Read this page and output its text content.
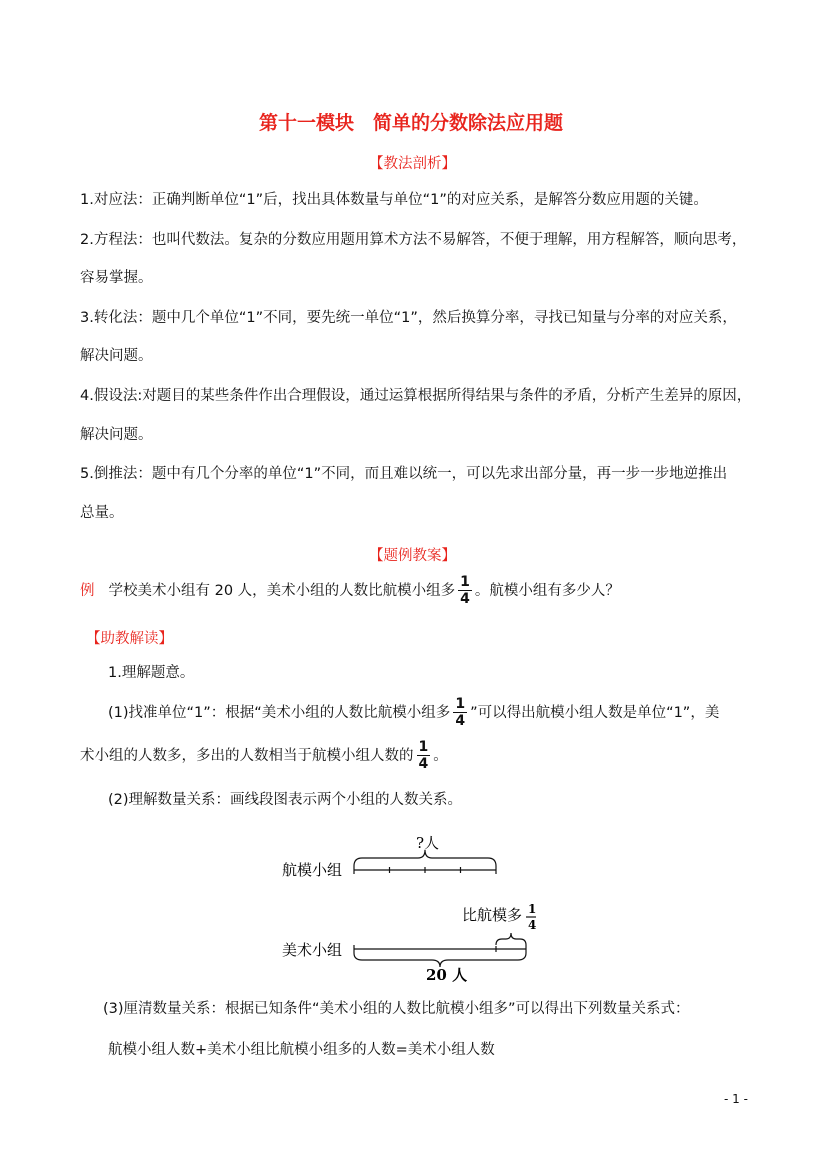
第十一模块　简单的分数除法应用题
【教法剖析】
1.对应法：正确判断单位“1”后，找出具体数量与单位“1”的对应关系，是解答分数应用题的关键。
2.方程法：也叫代数法。复杂的分数应用题用算术方法不易解答，不便于理解，用方程解答，顺向思考，
容易掌握。
3.转化法：题中几个单位“1”不同，要先统一单位“1”，然后换算分率，寻找已知量与分率的对应关系，
解决问题。
4.假设法:对题目的某些条件作出合理假设，通过运算根据所得结果与条件的矛盾，分析产生差异的原因，
解决问题。
5.倒推法：题中有几个分率的单位“1”不同，而且难以统一，可以先求出部分量，再一步一步地逆推出
总量。
【题例教案】
例 学校美术小组有 20 人，美术小组的人数比航模小组多 $\frac{1}{4}$ 。航模小组有多少人？
【助教解读】
1.理解题意。
(1)找准单位“1”：根据“美术小组的人数比航模小组多 $\frac{1}{4}$ ”可以得出航模小组人数是单位“1”，美
术小组的人数多，多出的人数相当于航模小组人数的 $\frac{1}{4}$ 。
(2)理解数量关系：画线段图表示两个小组的人数关系。
航模小组
?人
比航模多 1
4
美术小组
20 人
(3)厘清数量关系：根据已知条件“美术小组的人数比航模小组多”可以得出下列数量关系式：
航模小组人数+美术小组比航模小组多的人数=美术小组人数
- 1 -
